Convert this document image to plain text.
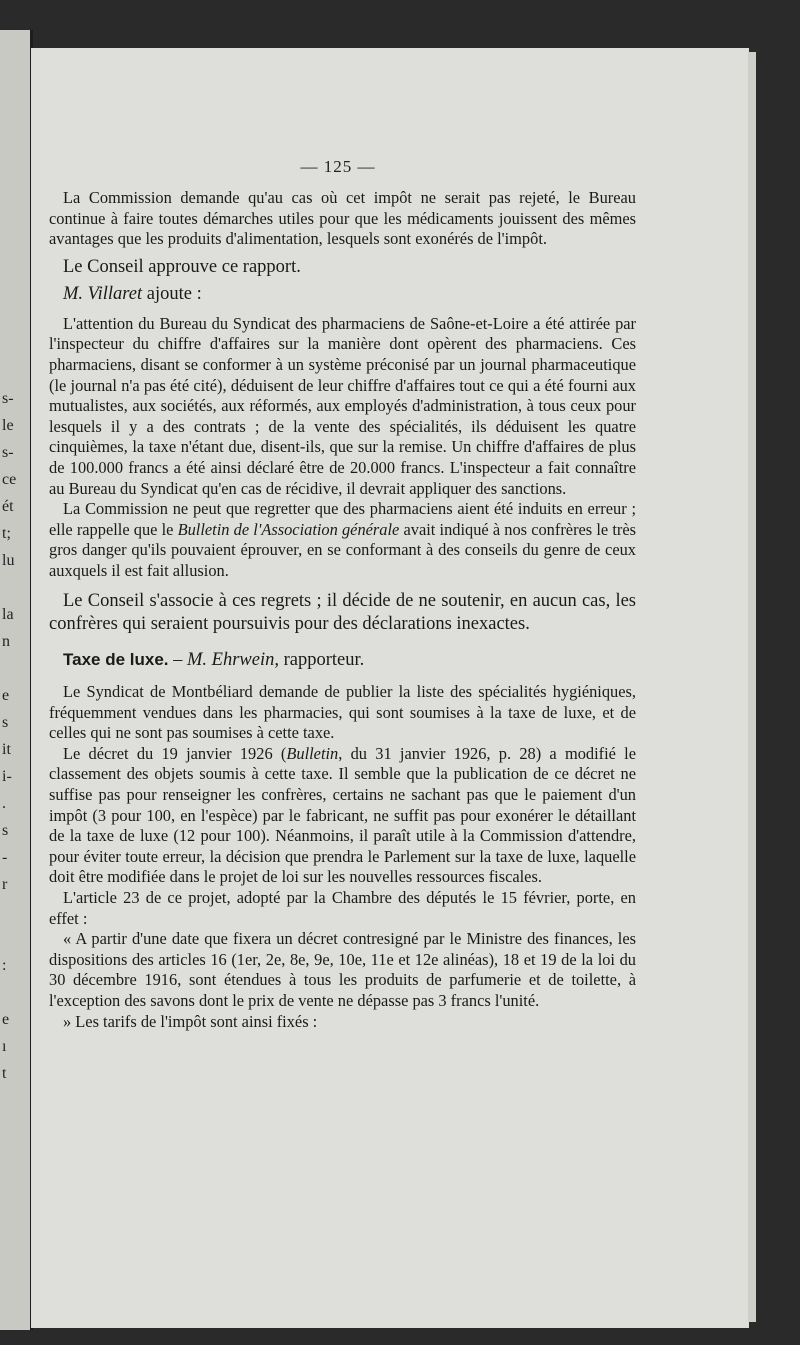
s-
le
s-
ce
ét
t;
lu
la
n
e
s
it
i-
.
s
-
r
:
e
ı
t
— 125 —

La Commission demande qu'au cas où cet impôt ne serait pas rejeté, le Bureau continue à faire toutes démarches utiles pour que les médicaments jouissent des mêmes avantages que les produits d'alimentation, lesquels sont exonérés de l'impôt.

Le Conseil approuve ce rapport.

M. Villaret ajoute :

L'attention du Bureau du Syndicat des pharmaciens de Saône-et-Loire a été attirée par l'inspecteur du chiffre d'affaires sur la manière dont opèrent des pharmaciens. Ces pharmaciens, disant se conformer à un système préconisé par un journal pharmaceutique (le journal n'a pas été cité), déduisent de leur chiffre d'affaires tout ce qui a été fourni aux mutualistes, aux sociétés, aux réformés, aux employés d'administration, à tous ceux pour lesquels il y a des contrats ; de la vente des spécialités, ils déduisent les quatre cinquièmes, la taxe n'étant due, disent-ils, que sur la remise. Un chiffre d'affaires de plus de 100.000 francs a été ainsi déclaré être de 20.000 francs. L'inspecteur a fait connaître au Bureau du Syndicat qu'en cas de récidive, il devrait appliquer des sanctions.

La Commission ne peut que regretter que des pharmaciens aient été induits en erreur ; elle rappelle que le Bulletin de l'Association générale avait indiqué à nos confrères le très gros danger qu'ils pouvaient éprouver, en se conformant à des conseils du genre de ceux auxquels il est fait allusion.

Le Conseil s'associe à ces regrets ; il décide de ne soutenir, en aucun cas, les confrères qui seraient poursuivis pour des déclarations inexactes.

Taxe de luxe. – M. Ehrwein, rapporteur.

Le Syndicat de Montbéliard demande de publier la liste des spécialités hygiéniques, fréquemment vendues dans les pharmacies, qui sont soumises à la taxe de luxe, et de celles qui ne sont pas soumises à cette taxe.

Le décret du 19 janvier 1926 (Bulletin, du 31 janvier 1926, p. 28) a modifié le classement des objets soumis à cette taxe. Il semble que la publication de ce décret ne suffise pas pour renseigner les confrères, certains ne sachant pas que le paiement d'un impôt (3 pour 100, en l'espèce) par le fabricant, ne suffit pas pour exonérer le détaillant de la taxe de luxe (12 pour 100). Néanmoins, il paraît utile à la Commission d'attendre, pour éviter toute erreur, la décision que prendra le Parlement sur la taxe de luxe, laquelle doit être modifiée dans le projet de loi sur les nouvelles ressources fiscales.

L'article 23 de ce projet, adopté par la Chambre des députés le 15 février, porte, en effet :

« A partir d'une date que fixera un décret contresigné par le Ministre des finances, les dispositions des articles 16 (1er, 2e, 8e, 9e, 10e, 11e et 12e alinéas), 18 et 19 de la loi du 30 décembre 1916, sont étendues à tous les produits de parfumerie et de toilette, à l'exception des savons dont le prix de vente ne dépasse pas 3 francs l'unité.

» Les tarifs de l'impôt sont ainsi fixés :
